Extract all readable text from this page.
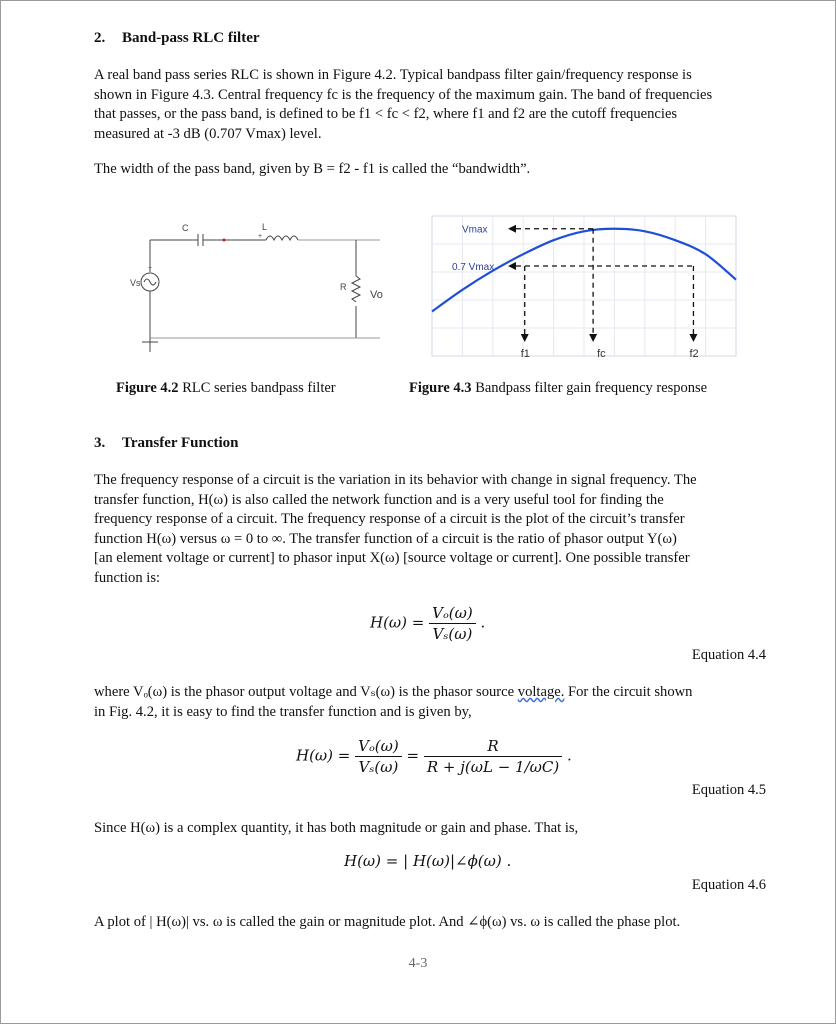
2. Band-pass RLC filter
A real band pass series RLC is shown in Figure 4.2. Typical bandpass filter gain/frequency response is
shown in Figure 4.3. Central frequency fc is the frequency of the maximum gain. The band of frequencies
that passes, or the pass band, is defined to be f1 < fc < f2, where f1 and f2 are the cutoff frequencies
measured at -3 dB (0.707 Vmax) level.
The width of the pass band, given by B = f2 - f1 is called the “bandwidth”.
C	L
+
R
Vo
Vs
+
Vmax
0.7 Vmax
f1	fc	f2
Figure 4.2 RLC series bandpass filter	Figure 4.3 Bandpass filter gain frequency response
3. Transfer Function
The frequency response of a circuit is the variation in its behavior with change in signal frequency. The
transfer function, H(ω) is also called the network function and is a very useful tool for finding the
frequency response of a circuit. The frequency response of a circuit is the plot of the circuit’s transfer
function H(ω) versus ω = 0 to ∞. The transfer function of a circuit is the ratio of phasor output Y(ω)
[an element voltage or current] to phasor input X(ω) [source voltage or current]. One possible transfer
function is:
$H(\omega) = \frac{\text{Vₒ(ω)}}{\text{Vₛ(ω)}}$ .
Equation 4.4
where Vₒ(ω) is the phasor output voltage and Vₛ(ω) is the phasor source voltage. For the circuit shown
in Fig. 4.2, it is easy to find the transfer function and is given by,
$H(\omega) = \frac{\text{Vₒ(ω)}}{\text{Vₛ(ω)}} = \frac{R}{R + j(\omega L - 1/\omega C)}$ .
Equation 4.5
Since H(ω) is a complex quantity, it has both magnitude or gain and phase. That is,
H(ω) = | H(ω)|∠ϕ(ω) .
Equation 4.6
A plot of | H(ω)| vs. ω is called the gain or magnitude plot. And ∠ϕ(ω) vs. ω is called the phase plot.
4-3
